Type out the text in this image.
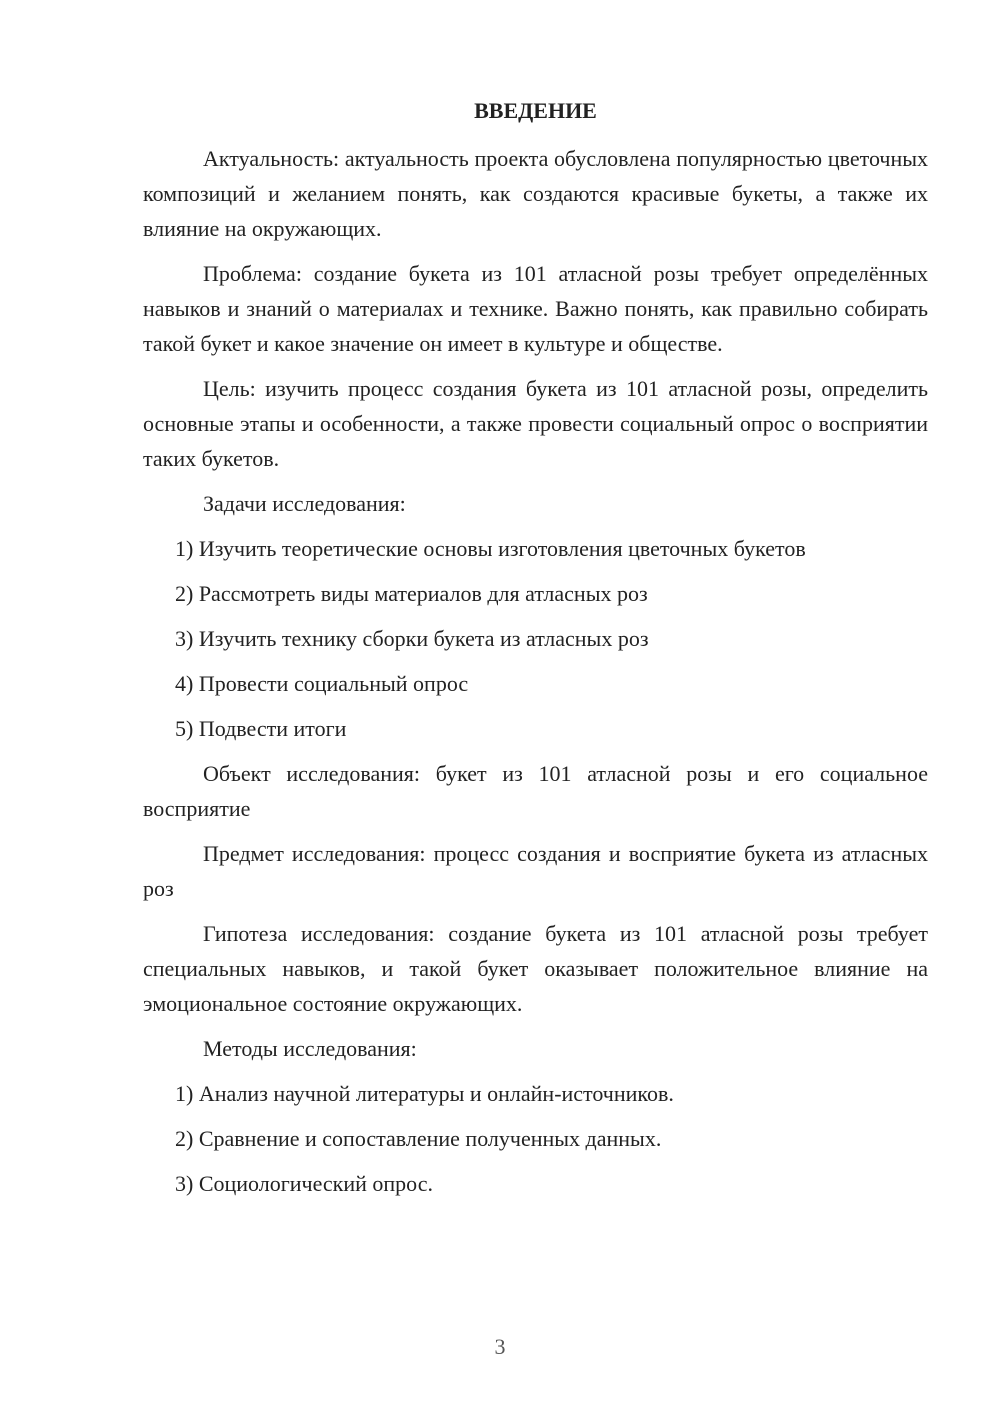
ВВЕДЕНИЕ

Актуальность: актуальность проекта обусловлена популярностью цветочных композиций и желанием понять, как создаются красивые букеты, а также их влияние на окружающих.

Проблема: создание букета из 101 атласной розы требует определённых навыков и знаний о материалах и технике. Важно понять, как правильно собирать такой букет и какое значение он имеет в культуре и обществе.

Цель: изучить процесс создания букета из 101 атласной розы, определить основные этапы и особенности, а также провести социальный опрос о восприятии таких букетов.

Задачи исследования:

1) Изучить теоретические основы изготовления цветочных букетов
2) Рассмотреть виды материалов для атласных роз
3) Изучить технику сборки букета из атласных роз
4) Провести социальный опрос
5) Подвести итоги

Объект исследования: букет из 101 атласной розы и его социальное восприятие

Предмет исследования: процесс создания и восприятие букета из атласных роз

Гипотеза исследования: создание букета из 101 атласной розы требует специальных навыков, и такой букет оказывает положительное влияние на эмоциональное состояние окружающих.

Методы исследования:

1) Анализ научной литературы и онлайн-источников.
2) Сравнение и сопоставление полученных данных.
3) Социологический опрос.
3
